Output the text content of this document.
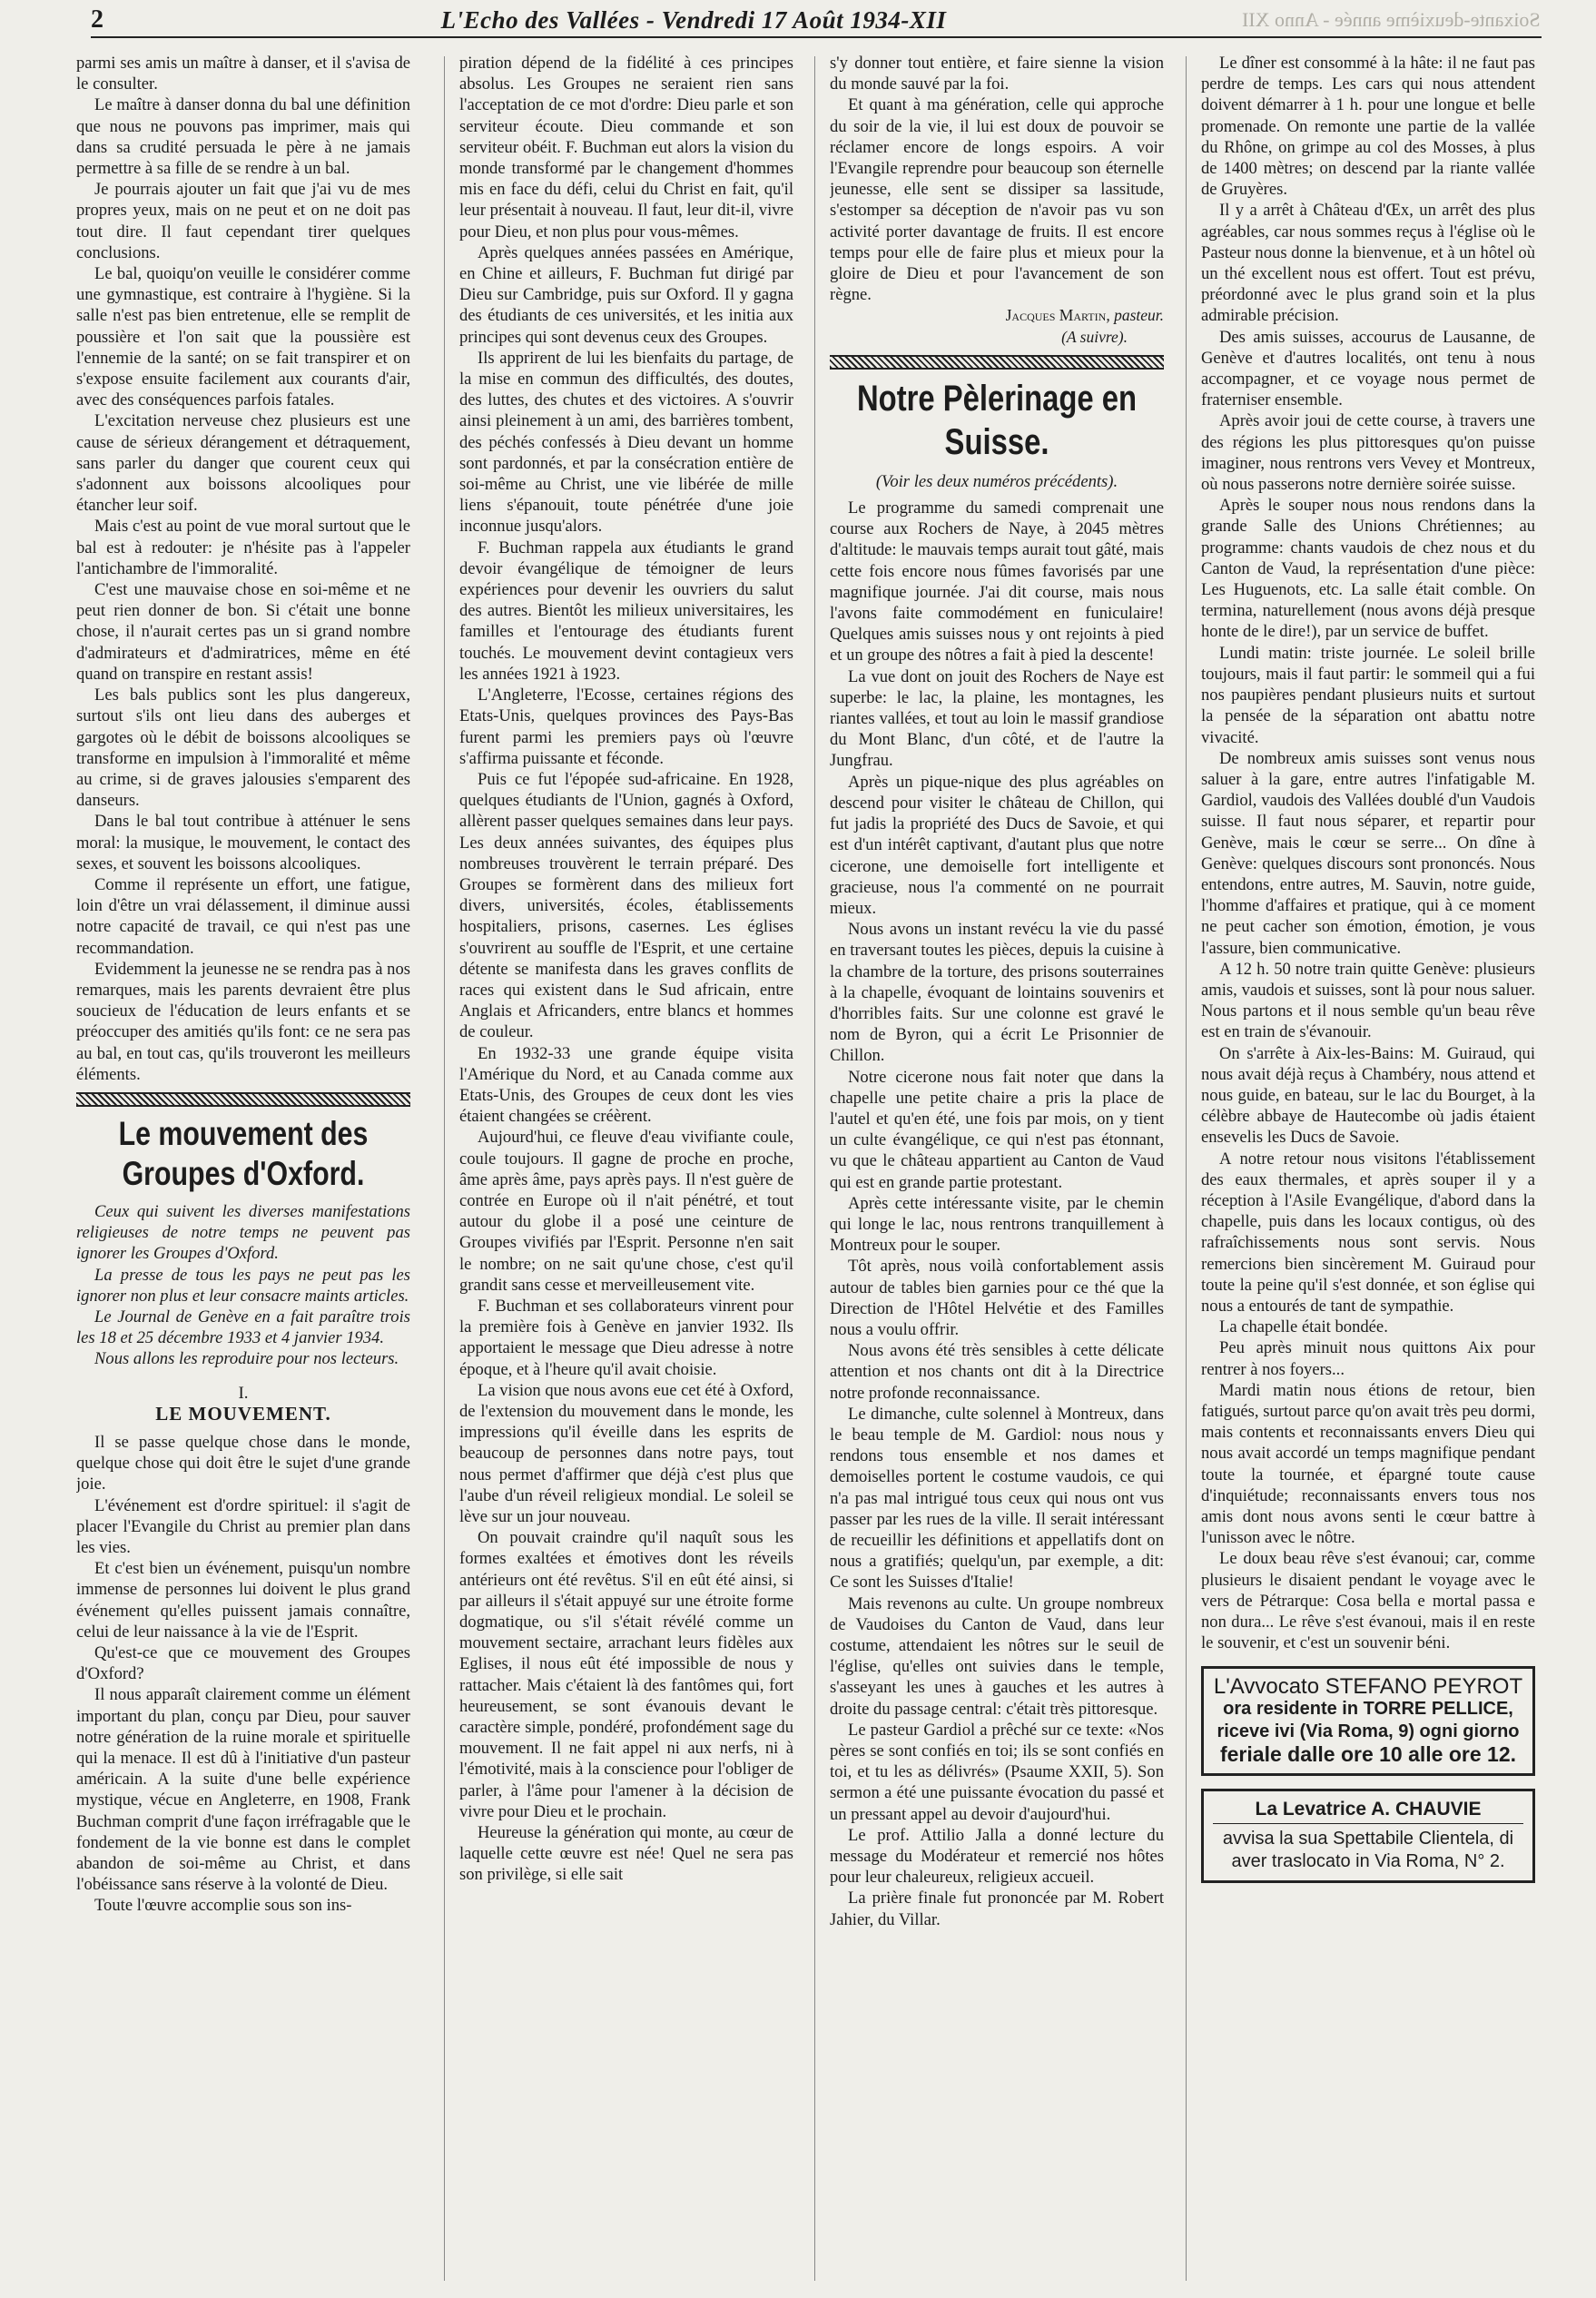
2	L'Echo des Vallées - Vendredi 17 Août 1934-XII	Soixante-deuxième année - Anno XII

parmi ses amis un maître à danser, et il s'avisa de le consulter.

Le maître à danser donna du bal une définition que nous ne pouvons pas imprimer, mais qui dans sa crudité persuada le père à ne jamais permettre à sa fille de se rendre à un bal.

Je pourrais ajouter un fait que j'ai vu de mes propres yeux, mais on ne peut et on ne doit pas tout dire. Il faut cependant tirer quelques conclusions.

Le bal, quoiqu'on veuille le considérer comme une gymnastique, est contraire à l'hygiène. Si la salle n'est pas bien entretenue, elle se remplit de poussière et l'on sait que la poussière est l'ennemie de la santé; on se fait transpirer et on s'expose ensuite facilement aux courants d'air, avec des conséquences parfois fatales.

L'excitation nerveuse chez plusieurs est une cause de sérieux dérangement et détraquement, sans parler du danger que courent ceux qui s'adonnent aux boissons alcooliques pour étancher leur soif.

Mais c'est au point de vue moral surtout que le bal est à redouter: je n'hésite pas à l'appeler l'antichambre de l'immoralité.

C'est une mauvaise chose en soi-même et ne peut rien donner de bon. Si c'était une bonne chose, il n'aurait certes pas un si grand nombre d'admirateurs et d'admiratrices, même en été quand on transpire en restant assis!

Les bals publics sont les plus dangereux, surtout s'ils ont lieu dans des auberges et gargotes où le débit de boissons alcooliques se transforme en impulsion à l'immoralité et même au crime, si de graves jalousies s'emparent des danseurs.

Dans le bal tout contribue à atténuer le sens moral: la musique, le mouvement, le contact des sexes, et souvent les boissons alcooliques.

Comme il représente un effort, une fatigue, loin d'être un vrai délassement, il diminue aussi notre capacité de travail, ce qui n'est pas une recommandation.

Evidemment la jeunesse ne se rendra pas à nos remarques, mais les parents devraient être plus soucieux de l'éducation de leurs enfants et se préoccuper des amitiés qu'ils font: ce ne sera pas au bal, en tout cas, qu'ils trouveront les meilleurs éléments.

Le mouvement des Groupes d'Oxford.

Ceux qui suivent les diverses manifestations religieuses de notre temps ne peuvent pas ignorer les Groupes d'Oxford.

La presse de tous les pays ne peut pas les ignorer non plus et leur consacre maints articles.

Le Journal de Genève en a fait paraître trois les 18 et 25 décembre 1933 et 4 janvier 1934.

Nous allons les reproduire pour nos lecteurs.

I.
LE MOUVEMENT.

Il se passe quelque chose dans le monde, quelque chose qui doit être le sujet d'une grande joie.

L'événement est d'ordre spirituel: il s'agit de placer l'Evangile du Christ au premier plan dans les vies.

Et c'est bien un événement, puisqu'un nombre immense de personnes lui doivent le plus grand événement qu'elles puissent jamais connaître, celui de leur naissance à la vie de l'Esprit.

Qu'est-ce que ce mouvement des Groupes d'Oxford?

Il nous apparaît clairement comme un élément important du plan, conçu par Dieu, pour sauver notre génération de la ruine morale et spirituelle qui la menace. Il est dû à l'initiative d'un pasteur américain. A la suite d'une belle expérience mystique, vécue en Angleterre, en 1908, Frank Buchman comprit d'une façon irréfragable que le fondement de la vie bonne est dans le complet abandon de soi-même au Christ, et dans l'obéissance sans réserve à la volonté de Dieu.

Toute l'œuvre accomplie sous son ins-

piration dépend de la fidélité à ces principes absolus. Les Groupes ne seraient rien sans l'acceptation de ce mot d'ordre: Dieu parle et son serviteur écoute. Dieu commande et son serviteur obéit. F. Buchman eut alors la vision du monde transformé par le changement d'hommes mis en face du défi, celui du Christ en fait, qu'il leur présentait à nouveau. Il faut, leur dit-il, vivre pour Dieu, et non plus pour vous-mêmes.

Après quelques années passées en Amérique, en Chine et ailleurs, F. Buchman fut dirigé par Dieu sur Cambridge, puis sur Oxford. Il y gagna des étudiants de ces universités, et les initia aux principes qui sont devenus ceux des Groupes.

Ils apprirent de lui les bienfaits du partage, de la mise en commun des difficultés, des doutes, des luttes, des chutes et des victoires. A s'ouvrir ainsi pleinement à un ami, des barrières tombent, des péchés confessés à Dieu devant un homme sont pardonnés, et par la consécration entière de soi-même au Christ, une vie libérée de mille liens s'épanouit, toute pénétrée d'une joie inconnue jusqu'alors.

F. Buchman rappela aux étudiants le grand devoir évangélique de témoigner de leurs expériences pour devenir les ouvriers du salut des autres. Bientôt les milieux universitaires, les familles et l'entourage des étudiants furent touchés. Le mouvement devint contagieux vers les années 1921 à 1923.

L'Angleterre, l'Ecosse, certaines régions des Etats-Unis, quelques provinces des Pays-Bas furent parmi les premiers pays où l'œuvre s'affirma puissante et féconde.

Puis ce fut l'épopée sud-africaine. En 1928, quelques étudiants de l'Union, gagnés à Oxford, allèrent passer quelques semaines dans leur pays. Les deux années suivantes, des équipes plus nombreuses trouvèrent le terrain préparé. Des Groupes se formèrent dans des milieux fort divers, universités, écoles, établissements hospitaliers, prisons, casernes. Les églises s'ouvrirent au souffle de l'Esprit, et une certaine détente se manifesta dans les graves conflits de races qui existent dans le Sud africain, entre Anglais et Africanders, entre blancs et hommes de couleur.

En 1932-33 une grande équipe visita l'Amérique du Nord, et au Canada comme aux Etats-Unis, des Groupes de ceux dont les vies étaient changées se créèrent.

Aujourd'hui, ce fleuve d'eau vivifiante coule, coule toujours. Il gagne de proche en proche, âme après âme, pays après pays. Il n'est guère de contrée en Europe où il n'ait pénétré, et tout autour du globe il a posé une ceinture de Groupes vivifiés par l'Esprit. Personne n'en sait le nombre; on ne sait qu'une chose, c'est qu'il grandit sans cesse et merveilleusement vite.

F. Buchman et ses collaborateurs vinrent pour la première fois à Genève en janvier 1932. Ils apportaient le message que Dieu adresse à notre époque, et à l'heure qu'il avait choisie.

La vision que nous avons eue cet été à Oxford, de l'extension du mouvement dans le monde, les impressions qu'il éveille dans les esprits de beaucoup de personnes dans notre pays, tout nous permet d'affirmer que déjà c'est plus que l'aube d'un réveil religieux mondial. Le soleil se lève sur un jour nouveau.

On pouvait craindre qu'il naquît sous les formes exaltées et émotives dont les réveils antérieurs ont été revêtus. S'il en eût été ainsi, si par ailleurs il s'était appuyé sur une étroite forme dogmatique, ou s'il s'était révélé comme un mouvement sectaire, arrachant leurs fidèles aux Eglises, il nous eût été impossible de nous y rattacher. Mais c'étaient là des fantômes qui, fort heureusement, se sont évanouis devant le caractère simple, pondéré, profondément sage du mouvement. Il ne fait appel ni aux nerfs, ni à l'émotivité, mais à la conscience pour l'obliger de parler, à l'âme pour l'amener à la décision de vivre pour Dieu et le prochain.

Heureuse la génération qui monte, au cœur de laquelle cette œuvre est née! Quel ne sera pas son privilège, si elle sait

s'y donner tout entière, et faire sienne la vision du monde sauvé par la foi.

Et quant à ma génération, celle qui approche du soir de la vie, il lui est doux de pouvoir se réclamer encore de longs espoirs. A voir l'Evangile reprendre pour beaucoup son éternelle jeunesse, elle sent se dissiper sa lassitude, s'estomper sa déception de n'avoir pas vu son activité porter davantage de fruits. Il est encore temps pour elle de faire plus et mieux pour la gloire de Dieu et pour l'avancement de son règne.

Jacques Martin, pasteur.
(A suivre).
Notre Pèlerinage en Suisse.
(Voir les deux numéros précédents).

Le programme du samedi comprenait une course aux Rochers de Naye, à 2045 mètres d'altitude: le mauvais temps aurait tout gâté, mais cette fois encore nous fûmes favorisés par une magnifique journée. J'ai dit course, mais nous l'avons faite commodément en funiculaire! Quelques amis suisses nous y ont rejoints à pied et un groupe des nôtres a fait à pied la descente!

La vue dont on jouit des Rochers de Naye est superbe: le lac, la plaine, les montagnes, les riantes vallées, et tout au loin le massif grandiose du Mont Blanc, d'un côté, et de l'autre la Jungfrau.

Après un pique-nique des plus agréables on descend pour visiter le château de Chillon, qui fut jadis la propriété des Ducs de Savoie, et qui est d'un intérêt captivant, d'autant plus que notre cicerone, une demoiselle fort intelligente et gracieuse, nous l'a commenté on ne pourrait mieux.

Nous avons un instant revécu la vie du passé en traversant toutes les pièces, depuis la cuisine à la chambre de la torture, des prisons souterraines à la chapelle, évoquant de lointains souvenirs et d'horribles faits. Sur une colonne est gravé le nom de Byron, qui a écrit Le Prisonnier de Chillon.

Notre cicerone nous fait noter que dans la chapelle une petite chaire a pris la place de l'autel et qu'en été, une fois par mois, on y tient un culte évangélique, ce qui n'est pas étonnant, vu que le château appartient au Canton de Vaud qui est en grande partie protestant.

Après cette intéressante visite, par le chemin qui longe le lac, nous rentrons tranquillement à Montreux pour le souper.

Tôt après, nous voilà confortablement assis autour de tables bien garnies pour ce thé que la Direction de l'Hôtel Helvétie et des Familles nous a voulu offrir.

Nous avons été très sensibles à cette délicate attention et nos chants ont dit à la Directrice notre profonde reconnaissance.

Le dimanche, culte solennel à Montreux, dans le beau temple de M. Gardiol: nous nous y rendons tous ensemble et nos dames et demoiselles portent le costume vaudois, ce qui n'a pas mal intrigué tous ceux qui nous ont vus passer par les rues de la ville. Il serait intéressant de recueillir les définitions et appellatifs dont on nous a gratifiés; quelqu'un, par exemple, a dit: Ce sont les Suisses d'Italie!

Mais revenons au culte. Un groupe nombreux de Vaudoises du Canton de Vaud, dans leur costume, attendaient les nôtres sur le seuil de l'église, qu'elles ont suivies dans le temple, s'asseyant les unes à gauches et les autres à droite du passage central: c'était très pittoresque.

Le pasteur Gardiol a prêché sur ce texte: «Nos pères se sont confiés en toi; ils se sont confiés en toi, et tu les as délivrés» (Psaume XXII, 5). Son sermon a été une puissante évocation du passé et un pressant appel au devoir d'aujourd'hui.

Le prof. Attilio Jalla a donné lecture du message du Modérateur et remercié nos hôtes pour leur chaleureux, religieux accueil.

La prière finale fut prononcée par M. Robert Jahier, du Villar.

Le dîner est consommé à la hâte: il ne faut pas perdre de temps. Les cars qui nous attendent doivent démarrer à 1 h. pour une longue et belle promenade. On remonte une partie de la vallée du Rhône, on grimpe au col des Mosses, à plus de 1400 mètres; on descend par la riante vallée de Gruyères.

Il y a arrêt à Château d'Œx, un arrêt des plus agréables, car nous sommes reçus à l'église où le Pasteur nous donne la bienvenue, et à un hôtel où un thé excellent nous est offert. Tout est prévu, préordonné avec le plus grand soin et la plus admirable précision.

Des amis suisses, accourus de Lausanne, de Genève et d'autres localités, ont tenu à nous accompagner, et ce voyage nous permet de fraterniser ensemble.

Après avoir joui de cette course, à travers une des régions les plus pittoresques qu'on puisse imaginer, nous rentrons vers Vevey et Montreux, où nous passerons notre dernière soirée suisse.

Après le souper nous nous rendons dans la grande Salle des Unions Chrétiennes; au programme: chants vaudois de chez nous et du Canton de Vaud, la représentation d'une pièce: Les Huguenots, etc. La salle était comble. On termina, naturellement (nous avons déjà presque honte de le dire!), par un service de buffet.

Lundi matin: triste journée. Le soleil brille toujours, mais il faut partir: le sommeil qui a fui nos paupières pendant plusieurs nuits et surtout la pensée de la séparation ont abattu notre vivacité.

De nombreux amis suisses sont venus nous saluer à la gare, entre autres l'infatigable M. Gardiol, vaudois des Vallées doublé d'un Vaudois suisse. Il faut nous séparer, et repartir pour Genève, mais le cœur se serre... On dîne à Genève: quelques discours sont prononcés. Nous entendons, entre autres, M. Sauvin, notre guide, l'homme d'affaires et pratique, qui à ce moment ne peut cacher son émotion, émotion, je vous l'assure, bien communicative.

A 12 h. 50 notre train quitte Genève: plusieurs amis, vaudois et suisses, sont là pour nous saluer. Nous partons et il nous semble qu'un beau rêve est en train de s'évanouir.

On s'arrête à Aix-les-Bains: M. Guiraud, qui nous avait déjà reçus à Chambéry, nous attend et nous guide, en bateau, sur le lac du Bourget, à la célèbre abbaye de Hautecombe où jadis étaient ensevelis les Ducs de Savoie.

A notre retour nous visitons l'établissement des eaux thermales, et après souper il y a réception à l'Asile Evangélique, d'abord dans la chapelle, puis dans les locaux contigus, où des rafraîchissements nous sont servis. Nous remercions bien sincèrement M. Guiraud pour toute la peine qu'il s'est donnée, et son église qui nous a entourés de tant de sympathie.

La chapelle était bondée.

Peu après minuit nous quittons Aix pour rentrer à nos foyers...

Mardi matin nous étions de retour, bien fatigués, surtout parce qu'on avait très peu dormi, mais contents et reconnaissants envers Dieu qui nous avait accordé un temps magnifique pendant toute la tournée, et épargné toute cause d'inquiétude; reconnaissants envers tous nos amis dont nous avons senti le cœur battre à l'unisson avec le nôtre.

Le doux beau rêve s'est évanoui; car, comme plusieurs le disaient pendant le voyage avec le vers de Pétrarque: Cosa bella e mortal passa e non dura... Le rêve s'est évanoui, mais il en reste le souvenir, et c'est un souvenir béni.

L'Avvocato STEFANO PEYROT
ora residente in TORRE PELLICE,
riceve ivi (Via Roma, 9) ogni giorno
feriale dalle ore 10 alle ore 12.
La Levatrice A. CHAUVIE
avvisa la sua Spettabile Clientela, di
aver traslocato in Via Roma, N° 2.
